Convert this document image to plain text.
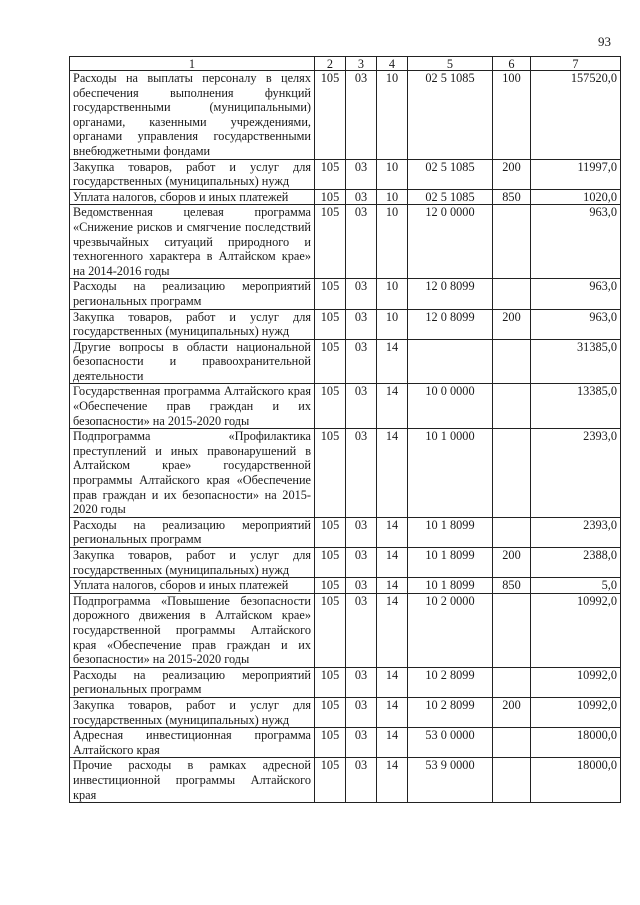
93
1	2	3	4	5	6	7
Расходы на выплаты персоналу в целях обеспечения выполнения функций государственными (муниципальными) органами, казенными учреждениями, органами управления государственными внебюджетными фондами	105	03	10	02 5 1085	100	157520,0
Закупка товаров, работ и услуг для государственных (муниципальных) нужд	105	03	10	02 5 1085	200	11997,0
Уплата налогов, сборов и иных платежей	105	03	10	02 5 1085	850	1020,0
Ведомственная целевая программа «Снижение рисков и смягчение последствий чрезвычайных ситуаций природного и техногенного характера в Алтайском крае» на 2014-2016 годы	105	03	10	12 0 0000		963,0
Расходы на реализацию мероприятий региональных программ	105	03	10	12 0 8099		963,0
Закупка товаров, работ и услуг для государственных (муниципальных) нужд	105	03	10	12 0 8099	200	963,0
Другие вопросы в области национальной безопасности и правоохранительной деятельности	105	03	14			31385,0
Государственная программа Алтайского края «Обеспечение прав граждан и их безопасности» на 2015-2020 годы	105	03	14	10 0 0000		13385,0
Подпрограмма «Профилактика преступлений и иных правонарушений в Алтайском крае» государственной программы Алтайского края «Обеспечение прав граждан и их безопасности» на 2015-2020 годы	105	03	14	10 1 0000		2393,0
Расходы на реализацию мероприятий региональных программ	105	03	14	10 1 8099		2393,0
Закупка товаров, работ и услуг для государственных (муниципальных) нужд	105	03	14	10 1 8099	200	2388,0
Уплата налогов, сборов и иных платежей	105	03	14	10 1 8099	850	5,0
Подпрограмма «Повышение безопасности дорожного движения в Алтайском крае» государственной программы Алтайского края «Обеспечение прав граждан и их безопасности» на 2015-2020 годы	105	03	14	10 2 0000		10992,0
Расходы на реализацию мероприятий региональных программ	105	03	14	10 2 8099		10992,0
Закупка товаров, работ и услуг для государственных (муниципальных) нужд	105	03	14	10 2 8099	200	10992,0
Адресная инвестиционная программа Алтайского края	105	03	14	53 0 0000		18000,0
Прочие расходы в рамках адресной инвестиционной программы Алтайского края	105	03	14	53 9 0000		18000,0
